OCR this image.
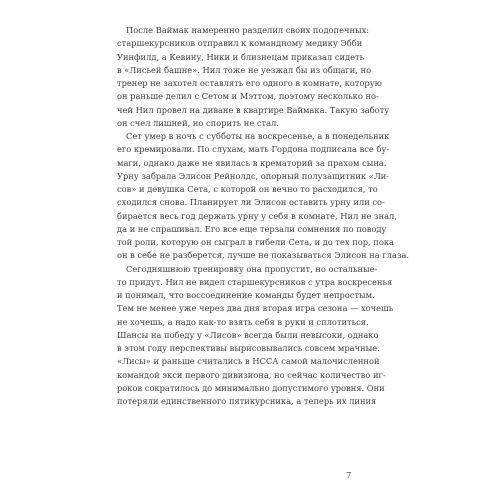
После Ваймак намеренно разделил своих подопечных:
старшекурсников отправил к командному медику Эбби
Уинфилд, а Кевину, Ники и близнецам приказал сидеть
в «Лисьей башне». Нил тоже не уезжал бы из общаги, но
тренер не захотел оставлять его одного в комнате, которую
он раньше делил с Сетом и Мэттом, поэтому несколько но-
чей Нил провел на диване в квартире Ваймака. Такую заботу
он счел лишней, но спорить не стал.
Сет умер в ночь с субботы на воскресенье, а в понедельник
его кремировали. По слухам, мать Гордона подписала все бу-
маги, однако даже не явилась в крематорий за прахом сына.
Урну забрала Элисон Рейнолдс, опорный полузащитник «Ли-
сов» и девушка Сета, с которой он вечно то расходился, то
сходился снова. Планирует ли Элисон оставить урну или со-
бирается весь год держать урну у себя в комнате, Нил не знал,
да и не спрашивал. Его все еще терзали сомнения по поводу
той роли, которую он сыграл в гибели Сета, и до тех пор, пока
он в себе не разберется, лучше не показываться Элисон на глаза.
Сегодняшнюю тренировку она пропустит, но остальные-
то придут. Нил не видел старшекурсников с утра воскресенья
и понимал, что воссоединение команды будет непростым.
Тем не менее уже через два дня вторая игра сезона — хочешь
не хочешь, а надо как-то взять себя в руки и сплотиться.
Шансы на победу у «Лисов» всегда были невысоки, однако
в этом году перспективы вырисовывались совсем мрачные.
«Лисы» и раньше считались в НССА самой малочисленной
командой экси первого дивизиона, но сейчас количество иг-
роков сократилось до минимально допустимого уровня. Они
потеряли единственного пятикурсника, а теперь их линия
7
